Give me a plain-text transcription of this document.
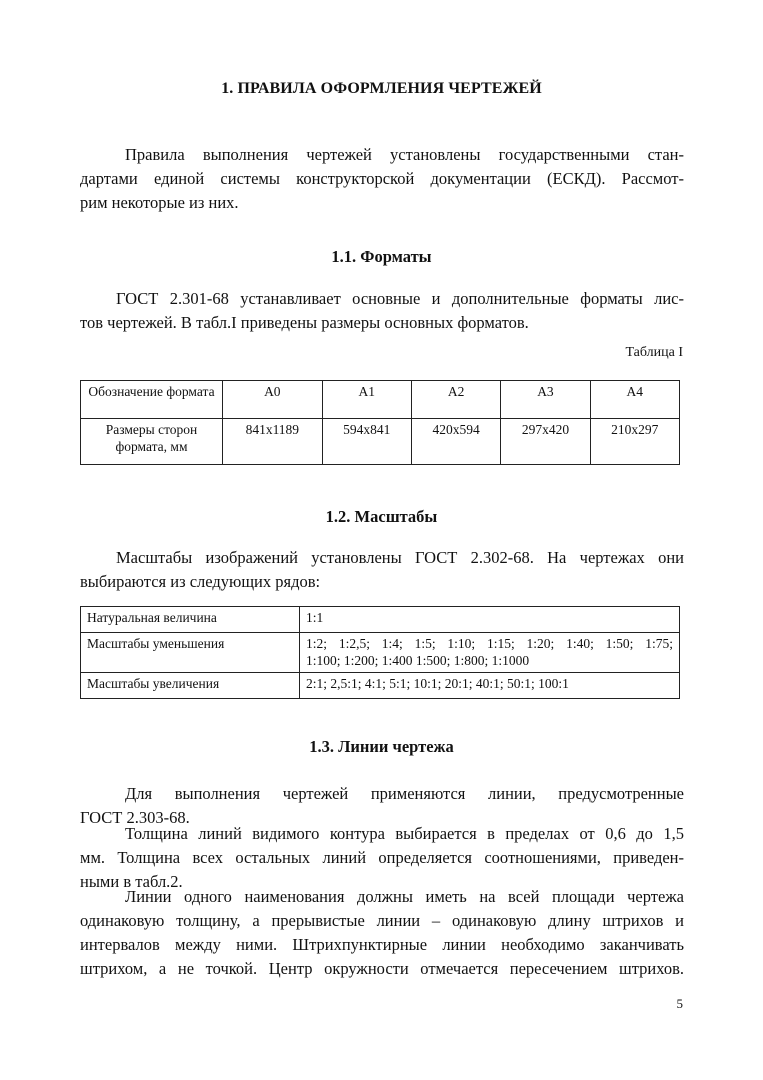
1. ПРАВИЛА ОФОРМЛЕНИЯ ЧЕРТЕЖЕЙ
Правила выполнения чертежей установлены государственными стан-
дартами единой системы конструкторской документации (ЕСКД). Рассмот-
рим некоторые из них.
1.1. Форматы
ГОСТ 2.301-68 устанавливает основные и дополнительные форматы лис-
тов чертежей. В табл.I приведены размеры основных форматов.
Таблица I
Обозначение формата	А0	А1	А2	А3	А4
Размеры сторон формата, мм	841x1189	594x841	420x594	297x420	210x297
1.2. Масштабы
Масштабы изображений установлены ГОСТ 2.302-68. На чертежах они
выбираются из следующих рядов:
Натуральная величина	1:1
Масштабы уменьшения	1:2; 1:2,5; 1:4; 1:5; 1:10; 1:15; 1:20; 1:40; 1:50; 1:75;
1:100; 1:200; 1:400 1:500; 1:800; 1:1000

Масштабы увеличения	2:1; 2,5:1; 4:1; 5:1; 10:1; 20:1; 40:1; 50:1; 100:1
1.3. Линии чертежа
Для выполнения чертежей применяются линии, предусмотренные
ГОСТ 2.303-68.
Толщина линий видимого контура выбирается в пределах от 0,6 до 1,5
мм. Толщина всех остальных линий определяется соотношениями, приведен-
ными в табл.2.
Линии одного наименования должны иметь на всей площади чертежа
одинаковую толщину, а прерывистые линии – одинаковую длину штрихов и
интервалов между ними. Штрихпунктирные линии необходимо заканчивать
штрихом, а не точкой. Центр окружности отмечается пересечением штрихов.
5
